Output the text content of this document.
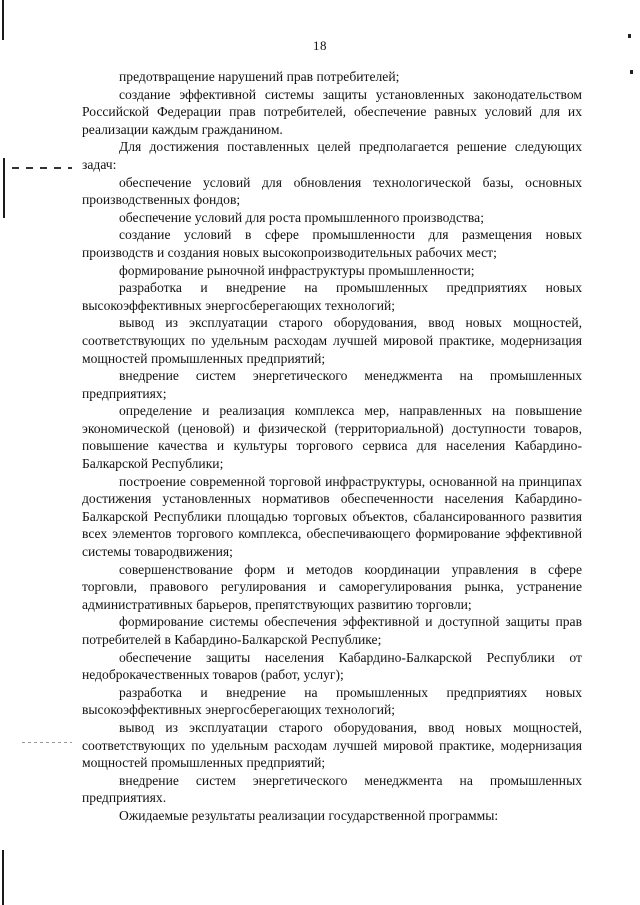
18

предотвращение нарушений прав потребителей;

создание эффективной системы защиты установленных законодательством Российской Федерации прав потребителей, обеспечение равных условий для их реализации каждым гражданином.

Для достижения поставленных целей предполагается решение следующих задач:

обеспечение условий для обновления технологической базы, основных производственных фондов;

обеспечение условий для роста промышленного производства;

создание условий в сфере промышленности для размещения новых производств и создания новых высокопроизводительных рабочих мест;

формирование рыночной инфраструктуры промышленности;

разработка и внедрение на промышленных предприятиях новых высокоэффективных энергосберегающих технологий;

вывод из эксплуатации старого оборудования, ввод новых мощностей, соответствующих по удельным расходам лучшей мировой практике, модернизация мощностей промышленных предприятий;

внедрение систем энергетического менеджмента на промышленных предприятиях;

определение и реализация комплекса мер, направленных на повышение экономической (ценовой) и физической (территориальной) доступности товаров, повышение качества и культуры торгового сервиса для населения Кабардино-Балкарской Республики;

построение современной торговой инфраструктуры, основанной на принципах достижения установленных нормативов обеспеченности населения Кабардино-Балкарской Республики площадью торговых объектов, сбалансированного развития всех элементов торгового комплекса, обеспечивающего формирование эффективной системы товародвижения;

совершенствование форм и методов координации управления в сфере торговли, правового регулирования и саморегулирования рынка, устранение административных барьеров, препятствующих развитию торговли;

формирование системы обеспечения эффективной и доступной защиты прав потребителей в Кабардино-Балкарской Республике;

обеспечение защиты населения Кабардино-Балкарской Республики от недоброкачественных товаров (работ, услуг);

разработка и внедрение на промышленных предприятиях новых высокоэффективных энергосберегающих технологий;

вывод из эксплуатации старого оборудования, ввод новых мощностей, соответствующих по удельным расходам лучшей мировой практике, модернизация мощностей промышленных предприятий;

внедрение систем энергетического менеджмента на промышленных предприятиях.

Ожидаемые результаты реализации государственной программы:
